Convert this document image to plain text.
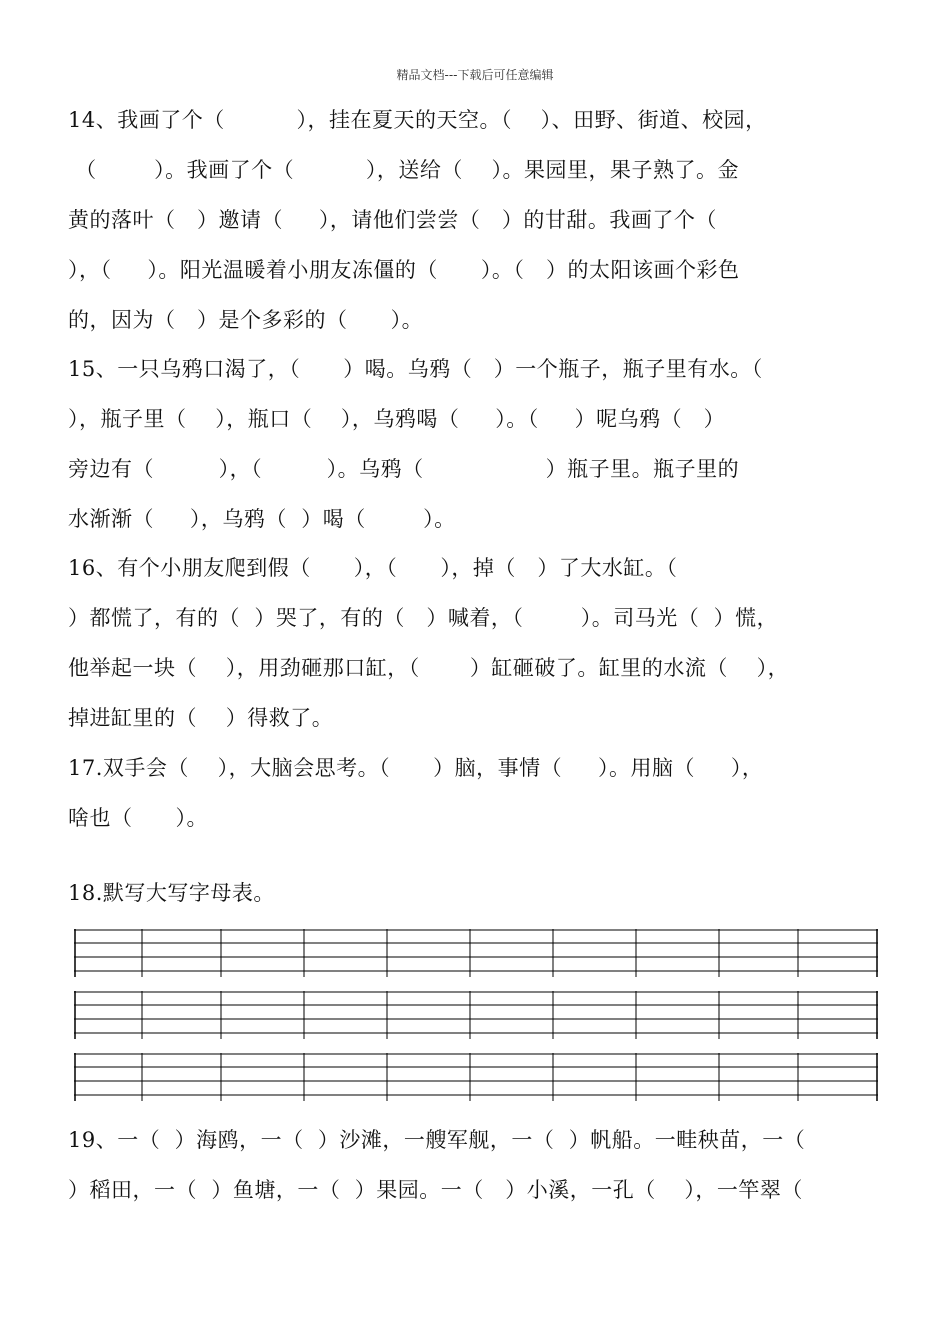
精品文档---下载后可任意编辑
14、我画了个（          ），挂在夏天的天空。（    ）、田野、街道、校园，
（        ）。我画了个（          ），送给（    ）。果园里，果子熟了。金
黄的落叶（   ）邀请（     ），请他们尝尝（   ）的甘甜。我画了个（
），（     ）。阳光温暖着小朋友冻僵的（      ）。（   ）的太阳该画个彩色
的，因为（   ）是个多彩的（      ）。
15、一只乌鸦口渴了，（      ）喝。乌鸦（   ）一个瓶子，瓶子里有水。（
），瓶子里（    ），瓶口（    ），乌鸦喝（     ）。（     ）呢乌鸦（   ）
旁边有（         ），（         ）。乌鸦（                 ）瓶子里。瓶子里的
水渐渐（     ），乌鸦（  ）喝（        ）。
16、有个小朋友爬到假（      ），（      ），掉（   ）了大水缸。（
）都慌了，有的（  ）哭了，有的（   ）喊着，（        ）。司马光（  ）慌，
他举起一块（    ），用劲砸那口缸，（       ）缸砸破了。缸里的水流（    ），
掉进缸里的（    ）得救了。
17.双手会（    ），大脑会思考。（      ）脑，事情（     ）。用脑（     ），
啥也（      ）。
18.默写大写字母表。
19、一（  ）海鸥，一（  ）沙滩，一艘军舰，一（  ）帆船。一畦秧苗，一（
）稻田，一（  ）鱼塘，一（  ）果园。一（   ）小溪，一孔（    ），一竿翠（
